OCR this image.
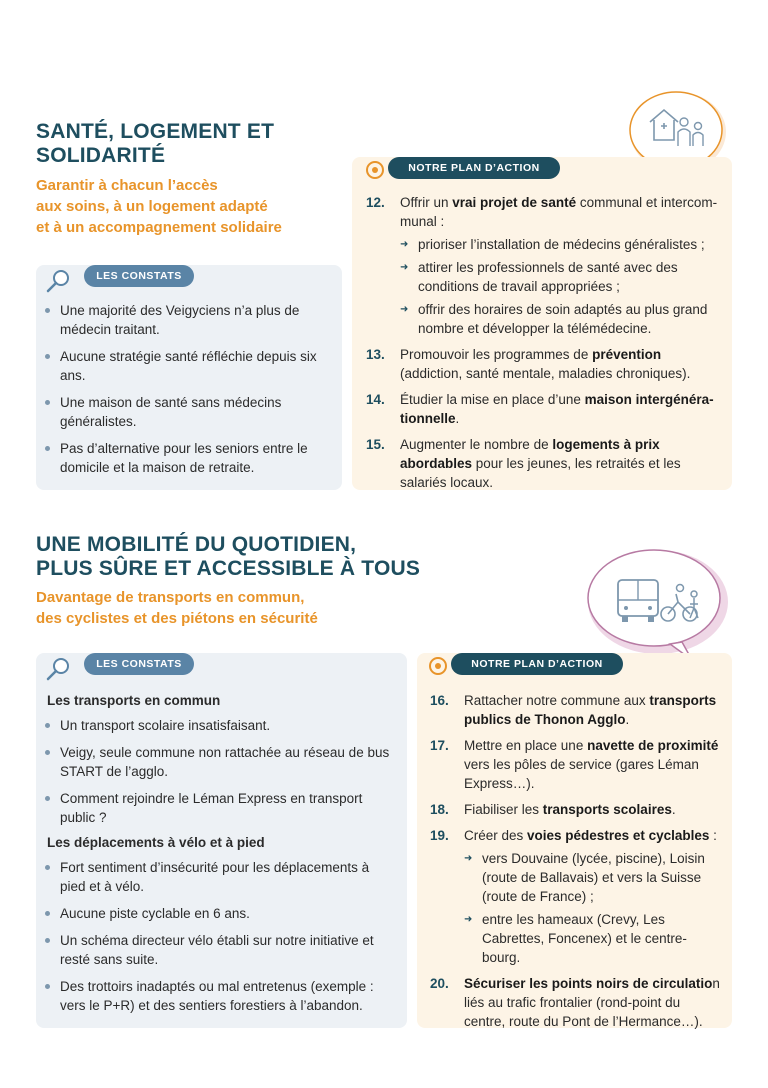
SANTÉ, LOGEMENT ET
SOLIDARITÉ
Garantir à chacun l’accès
aux soins, à un logement adapté
et à un accompagnement solidaire
LES CONSTATS
Une majorité des Veigyciens n’a plus de médecin traitant.
Aucune stratégie santé réfléchie depuis six ans.
Une maison de santé sans médecins généralistes.
Pas d’alternative pour les seniors entre le domicile et la maison de retraite.
NOTRE PLAN D’ACTION
12. Offrir un vrai projet de santé communal et intercommunal :
➜ prioriser l’installation de médecins généralistes ;
➜ attirer les professionnels de santé avec des conditions de travail appropriées ;
➜ offrir des horaires de soin adaptés au plus grand nombre et développer la télémédecine.
13. Promouvoir les programmes de prévention (addiction, santé mentale, maladies chroniques).
14. Étudier la mise en place d’une maison intergénérationnelle.
15. Augmenter le nombre de logements à prix abordables pour les jeunes, les retraités et les salariés locaux.
UNE MOBILITÉ DU QUOTIDIEN,
PLUS SÛRE ET ACCESSIBLE À TOUS
Davantage de transports en commun,
des cyclistes et des piétons en sécurité
LES CONSTATS
Les transports en commun
Un transport scolaire insatisfaisant.
Veigy, seule commune non rattachée au réseau de bus START de l’agglo.
Comment rejoindre le Léman Express en transport public ?
Les déplacements à vélo et à pied
Fort sentiment d’insécurité pour les déplacements à pied et à vélo.
Aucune piste cyclable en 6 ans.
Un schéma directeur vélo établi sur notre initiative et resté sans suite.
Des trottoirs inadaptés ou mal entretenus (exemple : vers le P+R) et des sentiers forestiers à l’abandon.
NOTRE PLAN D’ACTION
16. Rattacher notre commune aux transports publics de Thonon Agglo.
17. Mettre en place une navette de proximité vers les pôles de service (gares Léman Express…).
18. Fiabiliser les transports scolaires.
19. Créer des voies pédestres et cyclables :
➜ vers Douvaine (lycée, piscine), Loisin (route de Ballavais) et vers la Suisse (route de France) ;
➜ entre les hameaux (Crevy, Les Cabrettes, Foncenex) et le centre-bourg.
20. Sécuriser les points noirs de circulation liés au trafic frontalier (rond-point du centre, route du Pont de l’Hermance…).
